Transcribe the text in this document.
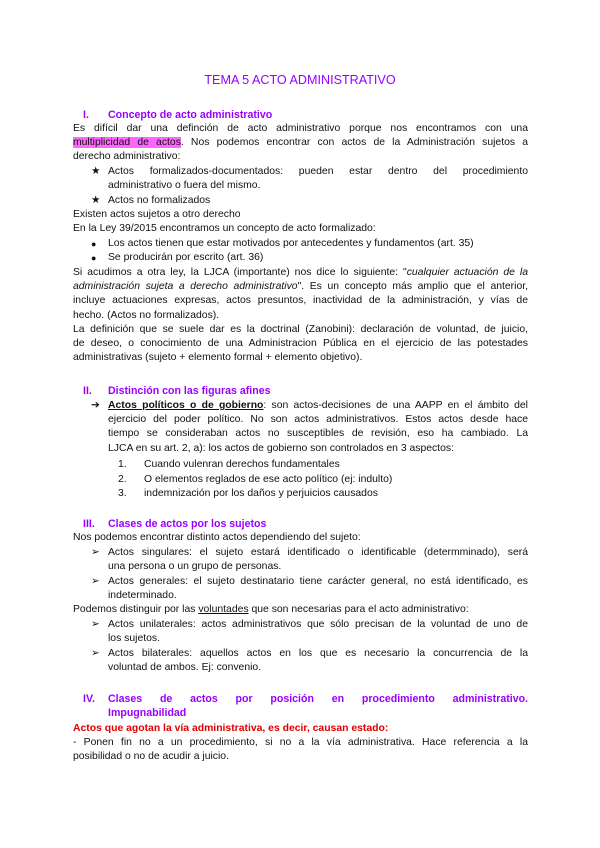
TEMA 5 ACTO ADMINISTRATIVO
I. Concepto de acto administrativo
Es difícil dar una definción de acto administrativo porque nos encontramos con una
multiplicidad de actos. Nos podemos encontrar con actos de la Administración sujetos a
derecho administrativo:
★ Actos formalizados-documentados: pueden estar dentro del procedimiento
administrativo o fuera del mismo.
★ Actos no formalizados
Existen actos sujetos a otro derecho
En la Ley 39/2015 encontramos un concepto de acto formalizado:
● Los actos tienen que estar motivados por antecedentes y fundamentos (art. 35)
● Se producirán por escrito (art. 36)
Si acudimos a otra ley, la LJCA (importante) nos dice lo siguiente: "cualquier actuación de la
administración sujeta a derecho administrativo". Es un concepto más amplio que el anterior,
incluye actuaciones expresas, actos presuntos, inactividad de la administración, y vías de
hecho. (Actos no formalizados).
La definición que se suele dar es la doctrinal (Zanobini): declaración de voluntad, de juicio,
de deseo, o conocimiento de una Administracion Pública en el ejercicio de las potestades
administrativas (sujeto + elemento formal + elemento objetivo).
II. Distinción con las figuras afines
➔ Actos políticos o de gobierno: son actos-decisiones de una AAPP en el ámbito del
ejercicio del poder político. No son actos administrativos. Estos actos desde hace
tiempo se consideraban actos no susceptibles de revisión, eso ha cambiado. La
LJCA en su art. 2, a): los actos de gobierno son controlados en 3 aspectos:
1. Cuando vulenran derechos fundamentales
2. O elementos reglados de ese acto político (ej: indulto)
3. indemnización por los daños y perjuicios causados
III. Clases de actos por los sujetos
Nos podemos encontrar distinto actos dependiendo del sujeto:
➢ Actos singulares: el sujeto estará identificado o identificable (determminado), será
una persona o un grupo de personas.
➢ Actos generales: el sujeto destinatario tiene carácter general, no está identificado, es
indeterminado.
Podemos distinguir por las voluntades que son necesarias para el acto administrativo:
➢ Actos unilaterales: actos administrativos que sólo precisan de la voluntad de uno de
los sujetos.
➢ Actos bilaterales: aquellos actos en los que es necesario la concurrencia de la
voluntad de ambos. Ej: convenio.
IV. Clases de actos por posición en procedimiento administrativo.
Impugnabilidad
Actos que agotan la vía administrativa, es decir, causan estado:
- Ponen fin no a un procedimiento, si no a la vía administrativa. Hace referencia a la
posibilidad o no de acudir a juicio.
